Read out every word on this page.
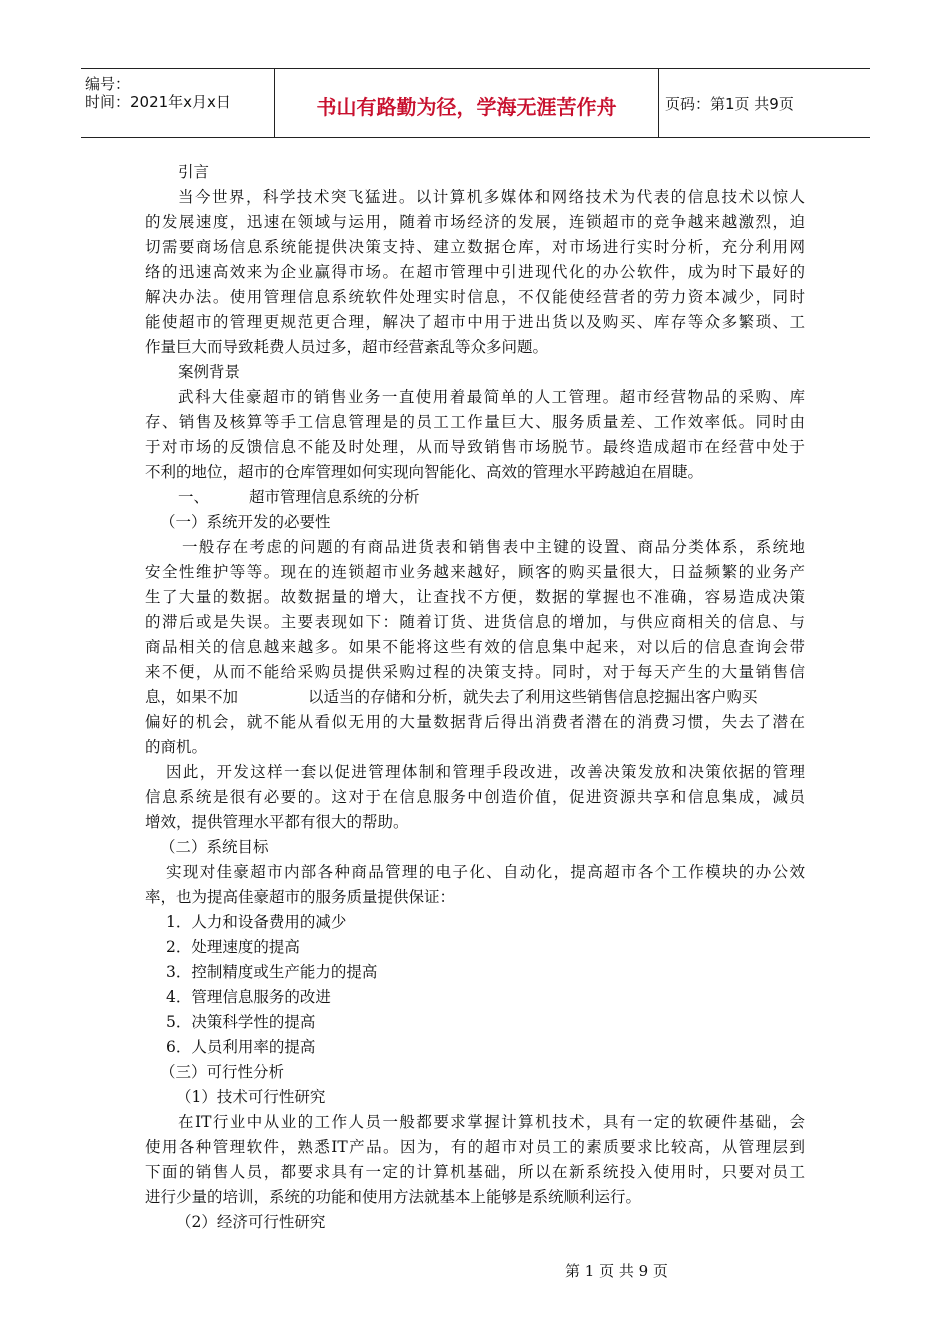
编号：
时间：2021年x月x日	书山有路勤为径，学海无涯苦作舟	页码：第1页 共9页
引言
当今世界，科学技术突飞猛进。以计算机多媒体和网络技术为代表的信息技术以惊人
的发展速度，迅速在领域与运用，随着市场经济的发展，连锁超市的竞争越来越激烈，迫
切需要商场信息系统能提供决策支持、建立数据仓库，对市场进行实时分析，充分利用网
络的迅速高效来为企业赢得市场。在超市管理中引进现代化的办公软件，成为时下最好的
解决办法。使用管理信息系统软件处理实时信息，不仅能使经营者的劳力资本减少，同时
能使超市的管理更规范更合理，解决了超市中用于进出货以及购买、库存等众多繁琐、工
作量巨大而导致耗费人员过多，超市经营紊乱等众多问题。
案例背景
武科大佳豪超市的销售业务一直使用着最简单的人工管理。超市经营物品的采购、库
存、销售及核算等手工信息管理是的员工工作量巨大、服务质量差、工作效率低。同时由
于对市场的反馈信息不能及时处理，从而导致销售市场脱节。最终造成超市在经营中处于
不利的地位，超市的仓库管理如何实现向智能化、高效的管理水平跨越迫在眉睫。
一、	超市管理信息系统的分析
（一）系统开发的必要性
一般存在考虑的问题的有商品进货表和销售表中主键的设置、商品分类体系，系统地
安全性维护等等。现在的连锁超市业务越来越好，顾客的购买量很大，日益频繁的业务产
生了大量的数据。故数据量的增大，让查找不方便，数据的掌握也不准确，容易造成决策
的滞后或是失误。主要表现如下：随着订货、进货信息的增加，与供应商相关的信息、与
商品相关的信息越来越多。如果不能将这些有效的信息集中起来，对以后的信息查询会带
来不便，从而不能给采购员提供采购过程的决策支持。同时，对于每天产生的大量销售信
息，如果不加	以适当的存储和分析，就失去了利用这些销售信息挖掘出客户购买
偏好的机会，就不能从看似无用的大量数据背后得出消费者潜在的消费习惯，失去了潜在
的商机。
因此，开发这样一套以促进管理体制和管理手段改进，改善决策发放和决策依据的管理
信息系统是很有必要的。这对于在信息服务中创造价值，促进资源共享和信息集成，减员
增效，提供管理水平都有很大的帮助。
（二）系统目标
实现对佳豪超市内部各种商品管理的电子化、自动化，提高超市各个工作模块的办公效
率，也为提高佳豪超市的服务质量提供保证：
1．人力和设备费用的减少
2．处理速度的提高
3．控制精度或生产能力的提高
4．管理信息服务的改进
5．决策科学性的提高
6．人员利用率的提高
（三）可行性分析
（1）技术可行性研究
在IT行业中从业的工作人员一般都要求掌握计算机技术，具有一定的软硬件基础，会
使用各种管理软件，熟悉IT产品。因为，有的超市对员工的素质要求比较高，从管理层到
下面的销售人员，都要求具有一定的计算机基础，所以在新系统投入使用时，只要对员工
进行少量的培训，系统的功能和使用方法就基本上能够是系统顺利运行。
（2）经济可行性研究
第 1 页 共 9 页
